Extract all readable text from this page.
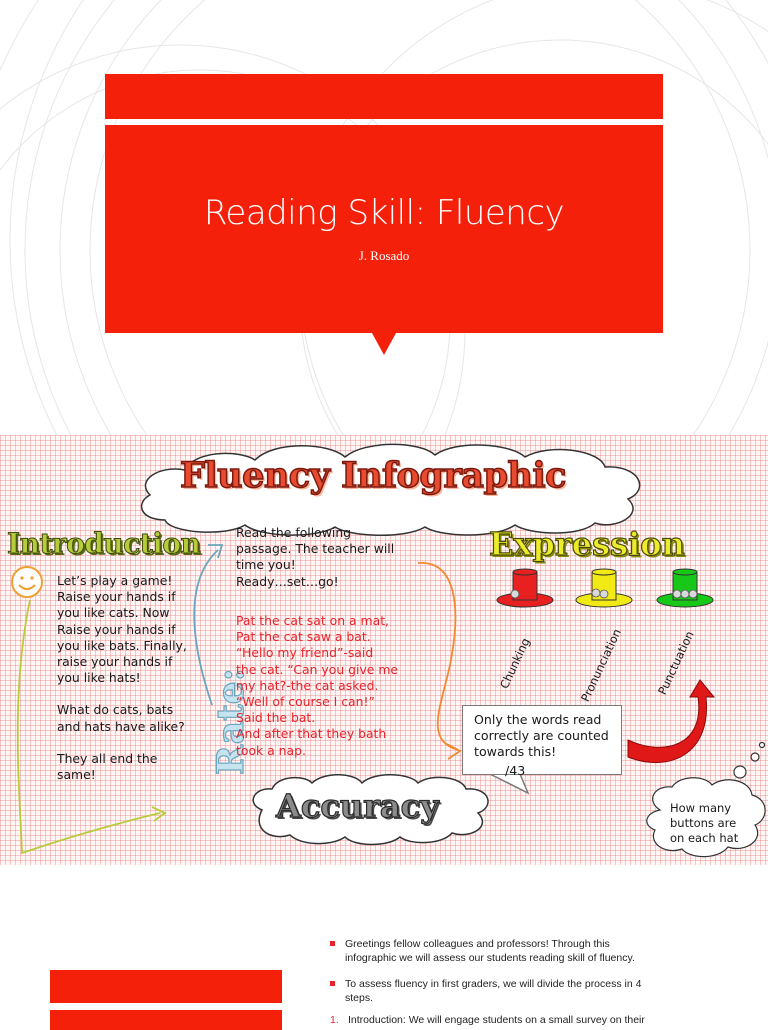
Reading Skill: Fluency
J. Rosado
Fluency Infographic
Introduction	Expression
Accuracy
Rate:
Let’s play a game!
Raise your hands if
you like cats. Now
Raise your hands if
you like bats. Finally,
raise your hands if
you like hats!
What do cats, bats
and hats have alike?
They all end the
same!
Read the following
passage. The teacher will
time you!
Ready…set…go!
Pat the cat sat on a mat,
Pat the cat saw a bat.
“Hello my friend”-said
the cat. “Can you give me
my hat?-the cat asked.
“Well of course I can!”
Said the bat.
And after that they bath
took a nap.
Chunking	Pronunciation	Punctuation
Only the words read
correctly are counted
towards this!
/43
How many
buttons are
on each hat
Greetings fellow colleagues and professors! Through this
infographic we will assess our students reading skill of fluency.
To assess fluency in first graders, we will divide the process in 4
steps.
1. Introduction: We will engage students on a small survey on their
